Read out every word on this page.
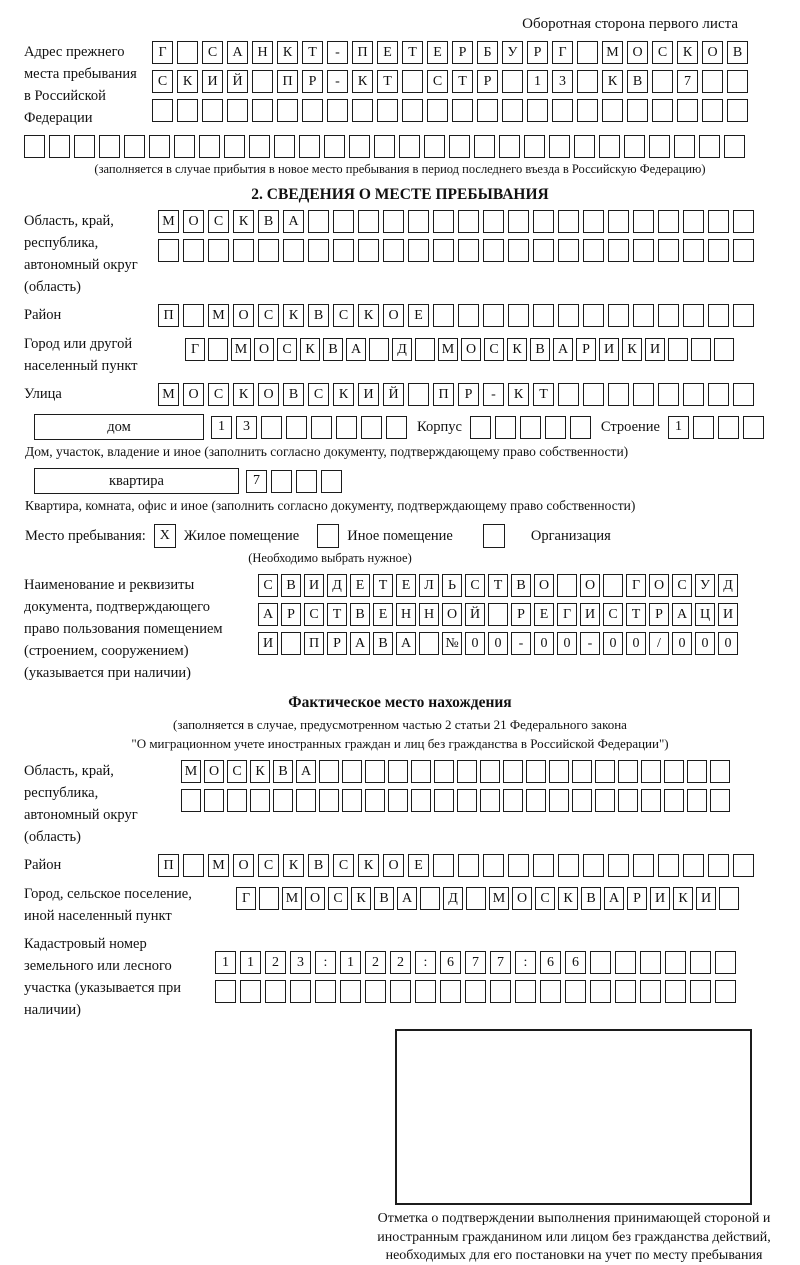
Оборотная сторона первого листа
Адрес прежнего места пребывания в Российской Федерации
Г	С	А	Н	К	Т	-	П	Е	Т	Е	Р	Б	У	Р	Г	М О	С	К	О	В
С	К	И	Й	П	Р	-	К	Т	С	Т	Р	1	3	К	В	7
(заполняется в случае прибытия в новое место пребывания в период последнего въезда в Российскую Федерацию)
2. СВЕДЕНИЯ О МЕСТЕ ПРЕБЫВАНИЯ
Область, край, республика, автономный округ (область)
М О	С	К	В	А
Район	П	М О	С	К	В	С	К	О	Е
Город или другой населенный пункт
Г	М О С К В А	Д	М О С К В А	Р	И К И
Улица	М О	С	К	О	В	С	К	И	Й	П	Р	-	К	Т
дом	1	3	Корпус	Строение	1
Дом, участок, владение и иное (заполнить согласно документу, подтверждающему право собственности)
квартира	7
Квартира, комната, офис и иное (заполнить согласно документу, подтверждающему право собственности)
Место пребывания: X Жилое помещение	Иное помещение	Организация
(Необходимо выбрать нужное)
Наименование и реквизиты документа, подтверждающего право пользования помещением (строением, сооружением) (указывается при наличии)
С В И Д Е	Т	Е Л	Ь	С	Т	В О	О	Г О С У Д
А	Р	С	Т	В	Е Н Н О Й	Р	Е	Г И С	Т	Р	А Ц И
И	П	Р	А В А	№ 0	0	-	0	0	-	0	0	/	0	0	0
Фактическое место нахождения
(заполняется в случае, предусмотренном частью 2 статьи 21 Федерального закона
"О миграционном учете иностранных граждан и лиц без гражданства в Российской Федерации")
Область, край, республика, автономный округ (область)
М О С К В А
Район	П	М О	С	К	В	С	К	О	Е
Город, сельское поселение, иной населенный пункт
Г	М О С К В А	Д	М О С К В А	Р	И К И
Кадастровый номер земельного или лесного участка (указывается при наличии)
1	1	2	3	:	1	2	2	:	6	7	7	:	6	6
Отметка о подтверждении выполнения принимающей стороной и иностранным гражданином или лицом без гражданства действий, необходимых для его постановки на учет по месту пребывания
